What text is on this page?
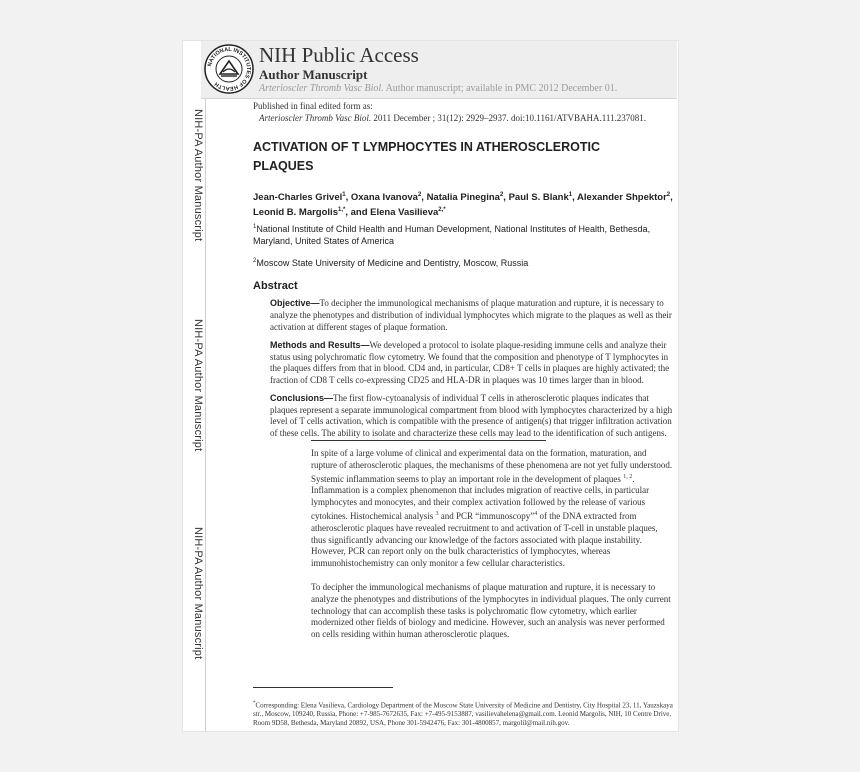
NIH-PA Author Manuscript
NIH-PA Author Manuscript
NIH-PA Author Manuscript
NATIONAL INSTITUTES OF HEALTH
NIH Public Access
Author Manuscript
Arterioscler Thromb Vasc Biol. Author manuscript; available in PMC 2012 December 01.

Published in final edited form as:

Arterioscler Thromb Vasc Biol. 2011 December ; 31(12): 2929–2937. doi:10.1161/ATVBAHA.111.237081.

ACTIVATION OF T LYMPHOCYTES IN ATHEROSCLEROTIC PLAQUES

Jean-Charles Grivel$^1$, Oxana Ivanova$^2$, Natalia Pinegina$^2$, Paul S. Blank$^1$, Alexander Shpektor$^2$, Leonid B. Margolis$^{1,*}$, and Elena Vasilieva$^{2,*}$

$^1$National Institute of Child Health and Human Development, National Institutes of Health, Bethesda, Maryland, United States of America

$^2$Moscow State University of Medicine and Dentistry, Moscow, Russia

Abstract

Objective—To decipher the immunological mechanisms of plaque maturation and rupture, it is necessary to analyze the phenotypes and distribution of individual lymphocytes which migrate to the plaques as well as their activation at different stages of plaque formation.

Methods and Results—We developed a protocol to isolate plaque-residing immune cells and analyze their status using polychromatic flow cytometry. We found that the composition and phenotype of T lymphocytes in the plaques differs from that in blood. CD4 and, in particular, CD8+ T cells in plaques are highly activated; the fraction of CD8 T cells co-expressing CD25 and HLA-DR in plaques was 10 times larger than in blood.

Conclusions—The first flow-cytoanalysis of individual T cells in atherosclerotic plaques indicates that plaques represent a separate immunological compartment from blood with lymphocytes characterized by a high level of T cells activation, which is compatible with the presence of antigen(s) that trigger infiltration activation of these cells. The ability to isolate and characterize these cells may lead to the identification of such antigens.

In spite of a large volume of clinical and experimental data on the formation, maturation, and rupture of atherosclerotic plaques, the mechanisms of these phenomena are not yet fully understood. Systemic inflammation seems to play an important role in the development of plaques $^{1, 2}$. Inflammation is a complex phenomenon that includes migration of reactive cells, in particular lymphocytes and monocytes, and their complex activation followed by the release of various cytokines. Histochemical analysis $^3$ and PCR “immunoscopy”$^4$ of the DNA extracted from atherosclerotic plaques have revealed recruitment to and activation of T-cell in unstable plaques, thus significantly advancing our knowledge of the factors associated with plaque instability. However, PCR can report only on the bulk characteristics of lymphocytes, whereas immunohistochemistry can only monitor a few cellular characteristics.

To decipher the immunological mechanisms of plaque maturation and rupture, it is necessary to analyze the phenotypes and distributions of the lymphocytes in individual plaques. The only current technology that can accomplish these tasks is polychromatic flow cytometry, which earlier modernized other fields of biology and medicine. However, such an analysis was never performed on cells residing within human atherosclerotic plaques.

*Corresponding: Elena Vasilieva, Cardiology Department of the Moscow State University of Medicine and Dentistry, City Hospital 23, 11, Yauzskaya str., Moscow, 109240, Russia, Phone: +7-985-7672635, Fax: +7-495-9153887, vasilievahelena@gmail.com. Leonid Margolis, NIH, 10 Centre Drive, Room 9D58, Bethesda, Maryland 20892, USA, Phone 301-5942476, Fax: 301-4800857, margolil@mail.nih.gov.
